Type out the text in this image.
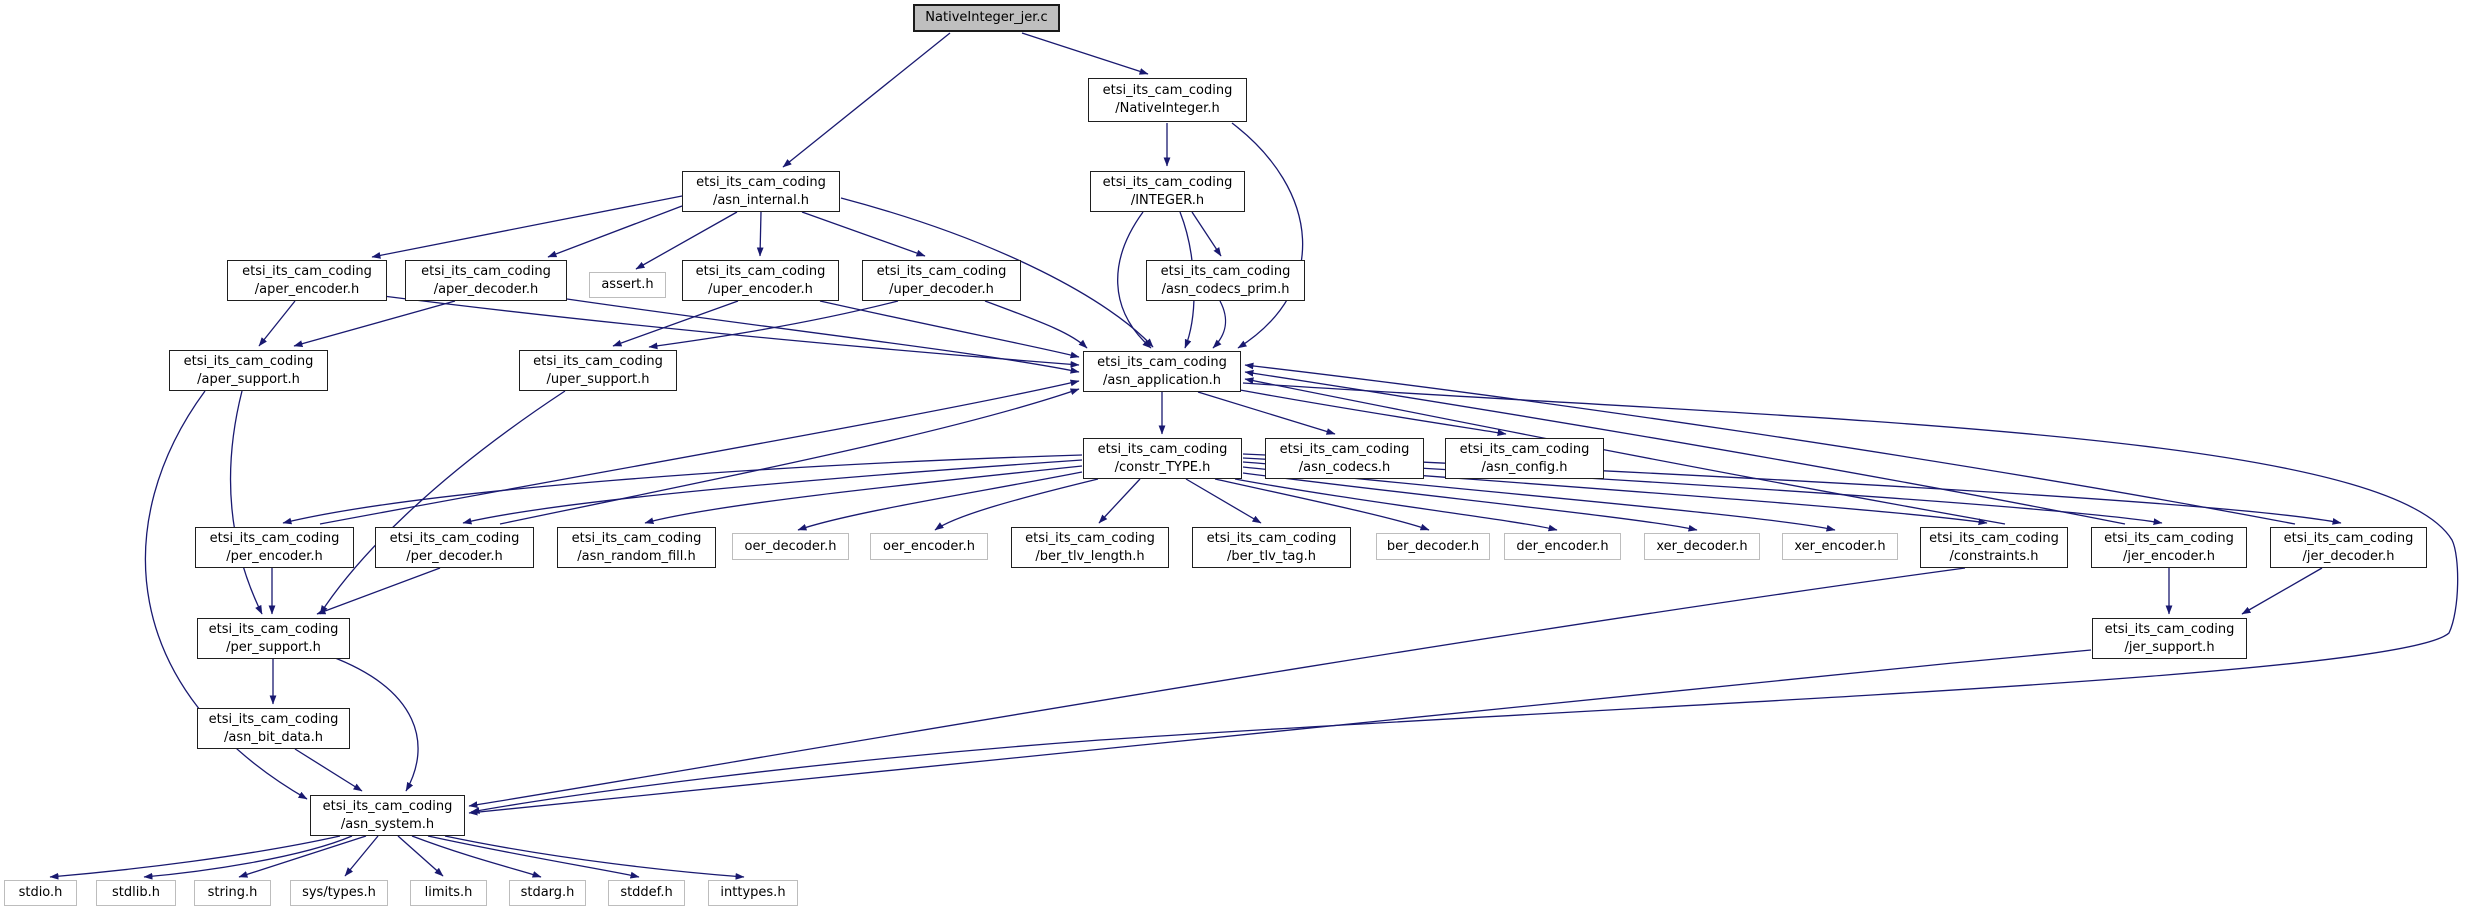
NativeInteger_jer.c
etsi_its_cam_coding
/NativeInteger.h
etsi_its_cam_coding
/asn_internal.h
etsi_its_cam_coding
/INTEGER.h
etsi_its_cam_coding
/aper_encoder.h
etsi_its_cam_coding
/aper_decoder.h	assert.h
etsi_its_cam_coding
/uper_encoder.h
etsi_its_cam_coding
/uper_decoder.h
etsi_its_cam_coding
/asn_codecs_prim.h
etsi_its_cam_coding
/aper_support.h
etsi_its_cam_coding
/uper_support.h
etsi_its_cam_coding
/asn_application.h
etsi_its_cam_coding
/constr_TYPE.h
etsi_its_cam_coding
/asn_codecs.h
etsi_its_cam_coding
/asn_config.h
etsi_its_cam_coding
/per_encoder.h
etsi_its_cam_coding
/per_decoder.h
etsi_its_cam_coding
/asn_random_fill.h
oer_decoder.h	oer_encoder.h
etsi_its_cam_coding
/ber_tlv_length.h
etsi_its_cam_coding
/ber_tlv_tag.h
ber_decoder.h	der_encoder.h	xer_decoder.h	xer_encoder.h
etsi_its_cam_coding
/constraints.h
etsi_its_cam_coding
/jer_encoder.h
etsi_its_cam_coding
/jer_decoder.h
etsi_its_cam_coding
/per_support.h
etsi_its_cam_coding
/jer_support.h
etsi_its_cam_coding
/asn_bit_data.h
etsi_its_cam_coding
/asn_system.h
stdio.h	stdlib.h	string.h	sys/types.h	limits.h	stdarg.h	stddef.h	inttypes.h
